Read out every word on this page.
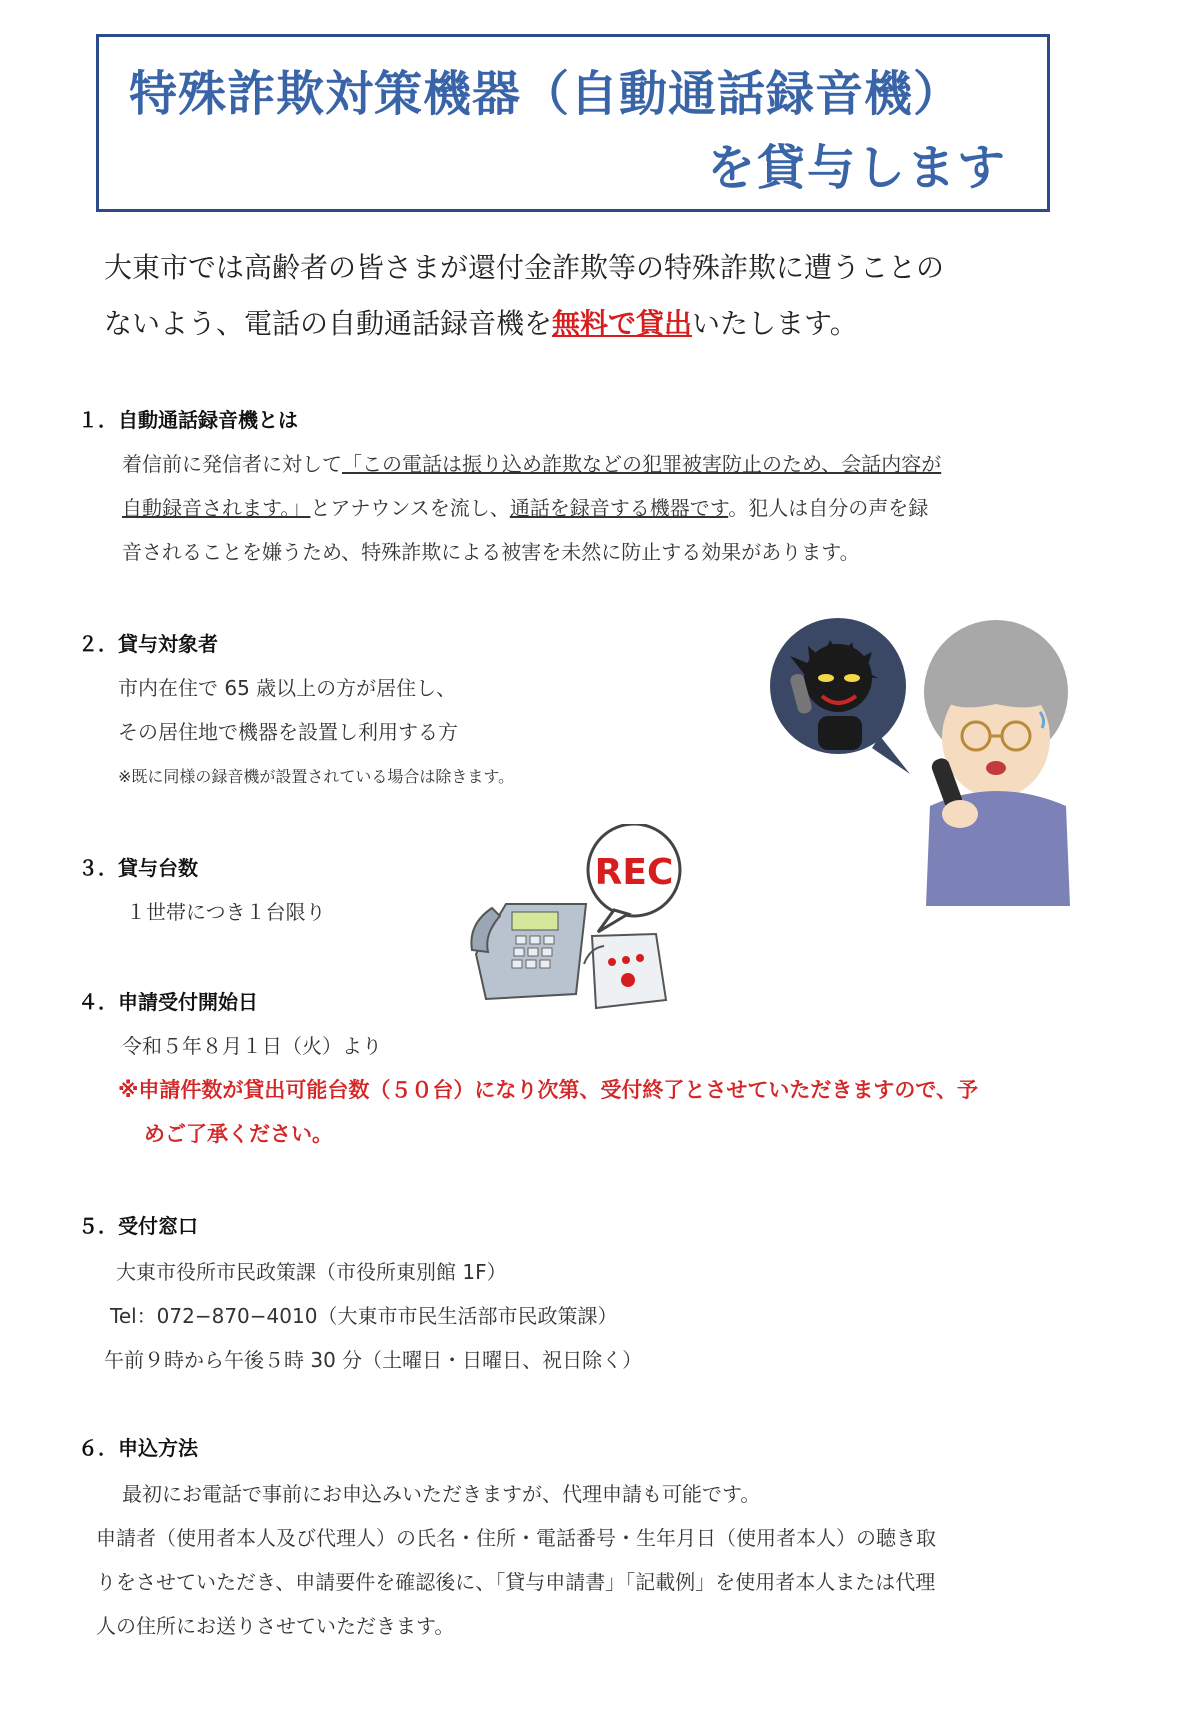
特殊詐欺対策機器（自動通話録音機）
を貸与します
大東市では高齢者の皆さまが還付金詐欺等の特殊詐欺に遭うことの
ないよう、電話の自動通話録音機を無料で貸出いたします。
１．自動通話録音機とは
着信前に発信者に対して「この電話は振り込め詐欺などの犯罪被害防止のため、会話内容が
自動録音されます。」とアナウンスを流し、通話を録音する機器です。犯人は自分の声を録
音されることを嫌うため、特殊詐欺による被害を未然に防止する効果があります。
２．貸与対象者
市内在住で 65 歳以上の方が居住し、
その居住地で機器を設置し利用する方
※既に同様の録音機が設置されている場合は除きます。
３．貸与台数
１世帯につき１台限り
４．申請受付開始日
令和５年８月１日（火）より
※申請件数が貸出可能台数（５０台）になり次第、受付終了とさせていただきますので、予
めご了承ください。
５．受付窓口
大東市役所市民政策課（市役所東別館 1F）
Tel：072−870−4010（大東市市民生活部市民政策課）
午前９時から午後５時 30 分（土曜日・日曜日、祝日除く）
６．申込方法
最初にお電話で事前にお申込みいただきますが、代理申請も可能です。
申請者（使用者本人及び代理人）の氏名・住所・電話番号・生年月日（使用者本人）の聴き取
りをさせていただき、申請要件を確認後に、「貸与申請書」「記載例」を使用者本人または代理
人の住所にお送りさせていただきます。
REC
